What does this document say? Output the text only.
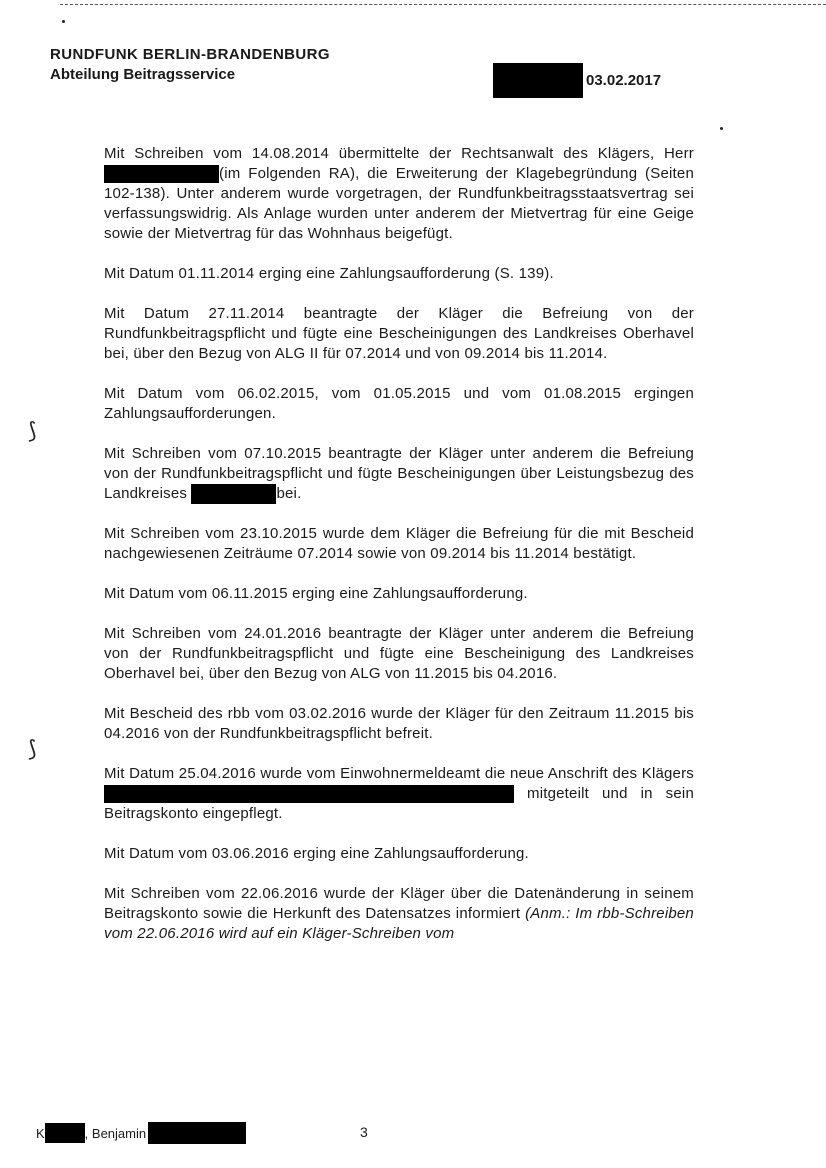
RUNDFUNK BERLIN-BRANDENBURG
Abteilung Beitragsservice	03.02.2017
⟆
⟆

Mit Schreiben vom 14.08.2014 übermittelte der Rechtsanwalt des Klägers, Herr (im Folgenden RA), die Erweiterung der Klagebegründung (Seiten 102-138). Unter anderem wurde vorgetragen, der Rundfunkbeitragsstaatsvertrag sei verfassungswidrig. Als Anlage wurden unter anderem der Mietvertrag für eine Geige sowie der Mietvertrag für das Wohnhaus beigefügt.

Mit Datum 01.11.2014 erging eine Zahlungsaufforderung (S. 139).

Mit Datum 27.11.2014 beantragte der Kläger die Befreiung von der Rundfunkbeitragspflicht und fügte eine Bescheinigungen des Landkreises Oberhavel bei, über den Bezug von ALG II für 07.2014 und von 09.2014 bis 11.2014.

Mit Datum vom 06.02.2015, vom 01.05.2015 und vom 01.08.2015 ergingen Zahlungsaufforderungen.

Mit Schreiben vom 07.10.2015 beantragte der Kläger unter anderem die Befreiung von der Rundfunkbeitragspflicht und fügte Bescheinigungen über Leistungsbezug des Landkreises	bei.

Mit Schreiben vom 23.10.2015 wurde dem Kläger die Befreiung für die mit Bescheid nachgewiesenen Zeiträume 07.2014 sowie von 09.2014 bis 11.2014 bestätigt.

Mit Datum vom 06.11.2015 erging eine Zahlungsaufforderung.

Mit Schreiben vom 24.01.2016 beantragte der Kläger unter anderem die Befreiung von der Rundfunkbeitragspflicht und fügte eine Bescheinigung des Landkreises Oberhavel bei, über den Bezug von ALG von 11.2015 bis 04.2016.

Mit Bescheid des rbb vom 03.02.2016 wurde der Kläger für den Zeitraum 11.2015 bis 04.2016 von der Rundfunkbeitragspflicht befreit.

Mit Datum 25.04.2016 wurde vom Einwohnermeldeamt die neue Anschrift des Klägers  mitgeteilt und in sein Beitragskonto eingepflegt.

Mit Datum vom 03.06.2016 erging eine Zahlungsaufforderung.

Mit Schreiben vom 22.06.2016 wurde der Kläger über die Datenänderung in seinem Beitragskonto sowie die Herkunft des Datensatzes informiert (Anm.: Im rbb-Schreiben vom 22.06.2016 wird auf ein Kläger-Schreiben vom

K	, Benjamin	3
